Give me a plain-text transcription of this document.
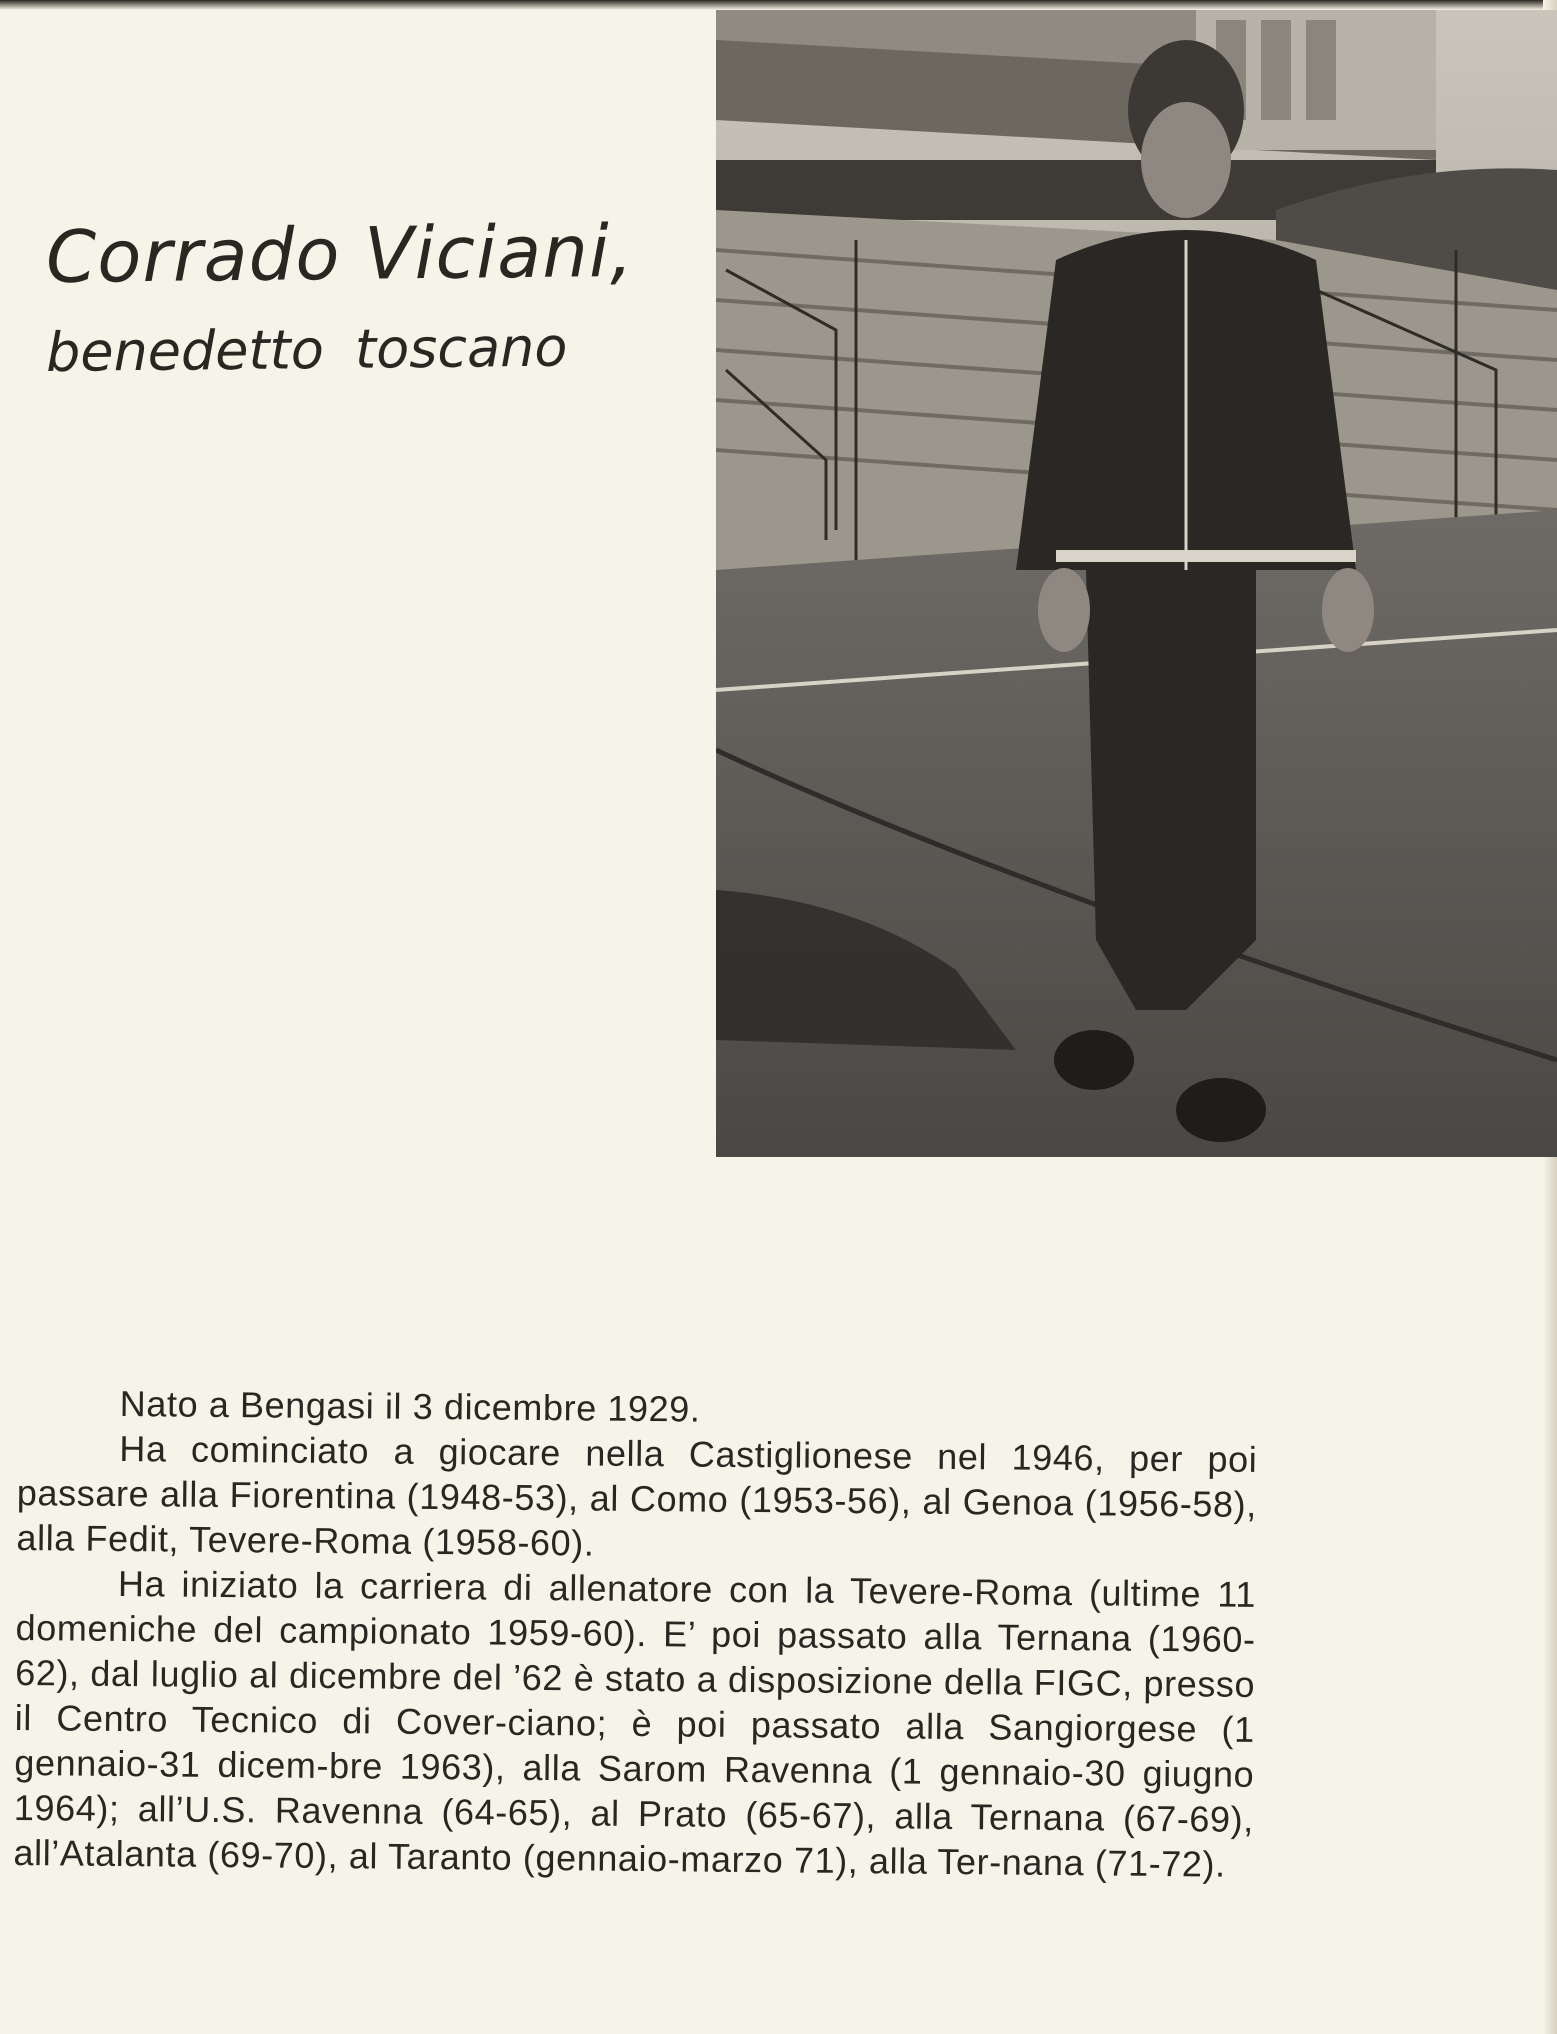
Corrado Viciani,
benedetto toscano

Nato a Bengasi il 3 dicembre 1929.

Ha cominciato a giocare nella Castiglionese nel 1946, per poi passare alla Fiorentina (1948-53), al Como (1953-56), al Genoa (1956-58), alla Fedit, Tevere-Roma (1958-60).

Ha iniziato la carriera di allenatore con la Tevere-Roma (ultime 11 domeniche del campionato 1959-60). E’ poi passato alla Ternana (1960-62), dal luglio al dicembre del ’62 è stato a disposizione della FIGC, presso il Centro Tecnico di Cover-ciano; è poi passato alla Sangiorgese (1 gennaio-31 dicem-bre 1963), alla Sarom Ravenna (1 gennaio-30 giugno 1964); all’U.S. Ravenna (64-65), al Prato (65-67), alla Ternana (67-69), all’Atalanta (69-70), al Taranto (gennaio-marzo 71), alla Ter-nana (71-72).
